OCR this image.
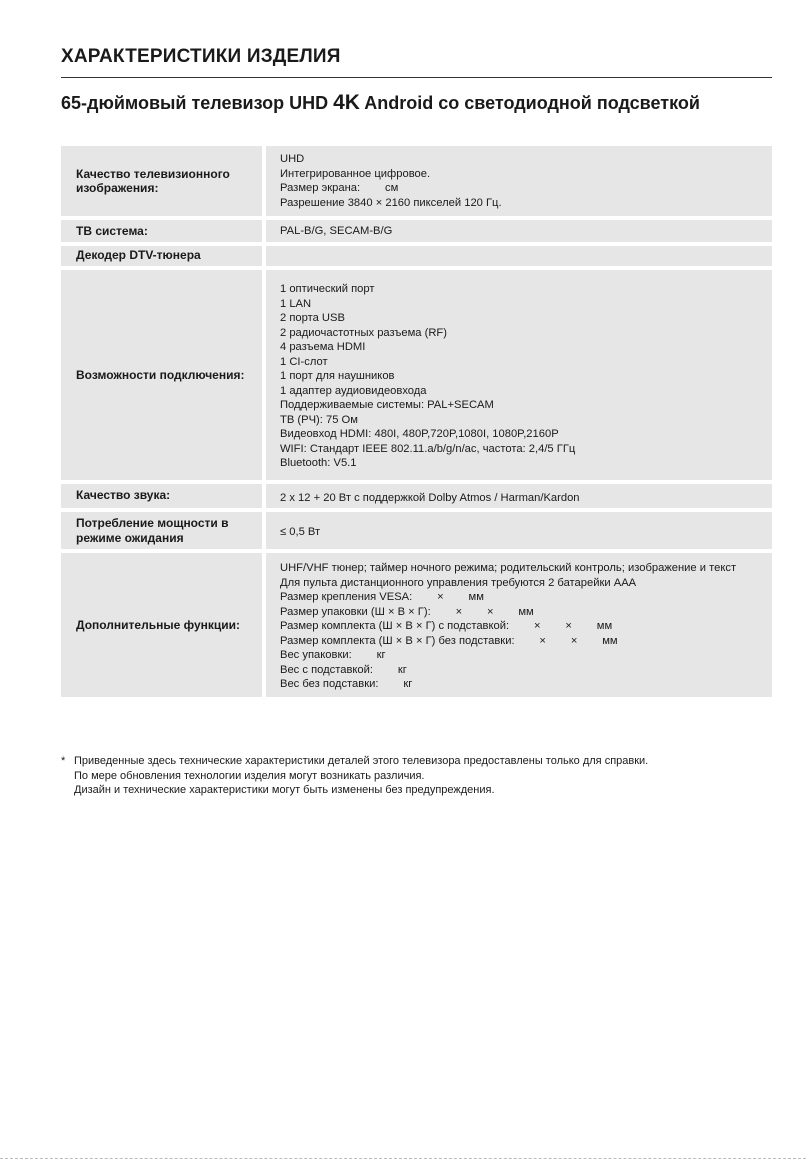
ХАРАКТЕРИСТИКИ ИЗДЕЛИЯ
65-дюймовый телевизор UHD 4K Android со светодиодной подсветкой
Качество телевизионного изображения:
UHD
Интегрированное цифровое.
Размер экрана:        см
Разрешение 3840 × 2160 пикселей 120 Гц.
ТВ система:	PAL-B/G, SECAM-B/G
Декодер DTV-тюнера
Возможности подключения:
1 оптический порт
1 LAN
2 порта USB
2 радиочастотных разъема (RF)
4 разъема HDMI
1 CI-слот
1 порт для наушников
1 адаптер аудиовидеовхода
Поддерживаемые системы: PAL+SECAM
ТВ (РЧ): 75 Ом
Видеовход HDMI: 480I, 480P,720P,1080I, 1080P,2160P
WIFI: Стандарт IEEE 802.11.a/b/g/n/ac, частота: 2,4/5 ГГц
Bluetooth: V5.1
Качество звука:	2 x 12 + 20 Вт с поддержкой Dolby Atmos / Harman/Kardon
Потребление мощности в режиме ожидания	≤ 0,5 Вт
Дополнительные функции:
UHF/VHF тюнер; таймер ночного режима; родительский контроль; изображение и текст
Для пульта дистанционного управления требуются 2 батарейки AAA
Размер крепления VESA:        ×        мм
Размер упаковки (Ш × В × Г):        ×        ×        мм
Размер комплекта (Ш × В × Г) с подставкой:        ×        ×        мм
Размер комплекта (Ш × В × Г) без подставки:        ×        ×        мм
Вес упаковки:        кг
Вес с подставкой:        кг
Вес без подставки:        кг
* Приведенные здесь технические характеристики деталей этого телевизора предоставлены только для справки.
По мере обновления технологии изделия могут возникать различия.
Дизайн и технические характеристики могут быть изменены без предупреждения.
